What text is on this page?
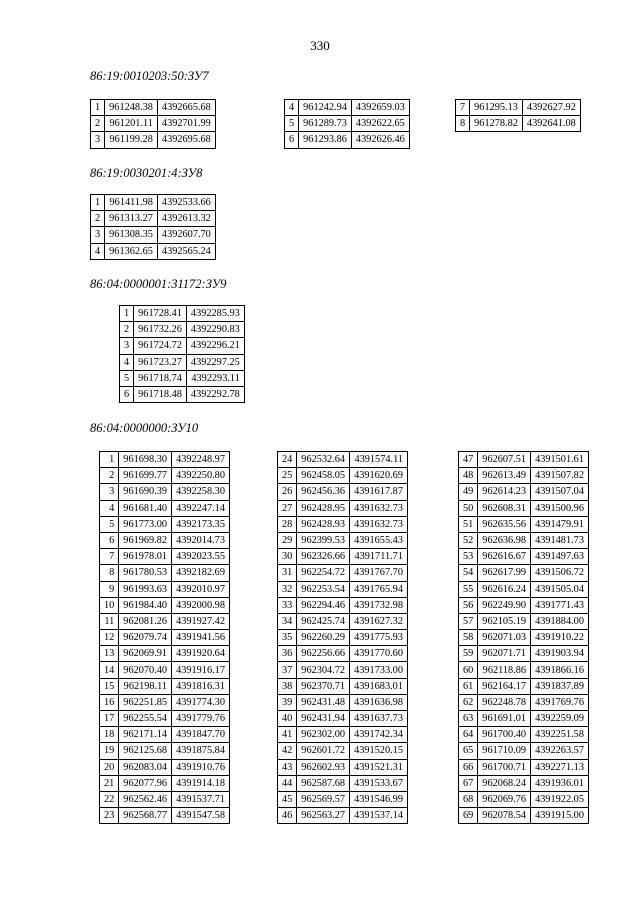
330
86:19:0010203:50:ЗУ7
1	961248.38	4392665.68
2	961201.11	4392701.99
3	961199.28	4392695.68
4	961242.94	4392659.03
5	961289.73	4392622.65
6	961293.86	4392626.46
7	961295.13	4392627.92
8	961278.82	4392641.08
86:19:0030201:4:ЗУ8
1	961411.98	4392533.66
2	961313.27	4392613.32
3	961308.35	4392607.70
4	961362.65	4392565.24
86:04:0000001:31172:ЗУ9
1	961728.41	4392285.93
2	961732.26	4392290.83
3	961724.72	4392296.21
4	961723.27	4392297.25
5	961718.74	4392293.11
6	961718.48	4392292.78
86:04:0000000:ЗУ10
1	961698.30	4392248.97
2	961699.77	4392250.80
3	961690.39	4392258.30
4	961681.40	4392247.14
5	961773.00	4392173.35
6	961969.82	4392014.73
7	961978.01	4392023.55
8	961780.53	4392182.69
9	961993.63	4392010.97
10	961984.40	4392000.98
11	962081.26	4391927.42
12	962079.74	4391941.56
13	962069.91	4391920.64
14	962070.40	4391916.17
15	962198.11	4391816.31
16	962251.85	4391774.30
17	962255.54	4391779.76
18	962171.14	4391847.70
19	962125.68	4391875.84
20	962083.04	4391910.76
21	962077.96	4391914.18
22	962562.46	4391537.71
23	962568.77	4391547.58
24	962532.64	4391574.11
25	962458.05	4391620.69
26	962456.36	4391617.87
27	962428.95	4391632.73
28	962428.93	4391632.73
29	962399.53	4391655.43
30	962326.66	4391711.71
31	962254.72	4391767.70
32	962253.54	4391765.94
33	962294.46	4391732.98
34	962425.74	4391627.32
35	962260.29	4391775.93
36	962256.66	4391770.60
37	962304.72	4391733.00
38	962370.71	4391683.01
39	962431.48	4391636.98
40	962431.94	4391637.73
41	962302.00	4391742.34
42	962601.72	4391520.15
43	962602.93	4391521.31
44	962587.68	4391533.67
45	962569.57	4391546.99
46	962563.27	4391537.14
47	962607.51	4391501.61
48	962613.49	4391507.82
49	962614.23	4391507.04
50	962608.31	4391500.96
51	962635.56	4391479.91
52	962636.98	4391481.73
53	962616.67	4391497.63
54	962617.99	4391506.72
55	962616.24	4391505.04
56	962249.90	4391771.43
57	962105.19	4391884.00
58	962071.03	4391910.22
59	962071.71	4391903.94
60	962118.86	4391866.16
61	962164.17	4391837.89
62	962248.78	4391769.76
63	961691.01	4392259.09
64	961700.40	4392251.58
65	961710.09	4392263.57
66	961700.71	4392271.13
67	962068.24	4391936.01
68	962069.76	4391922.05
69	962078.54	4391915.00
